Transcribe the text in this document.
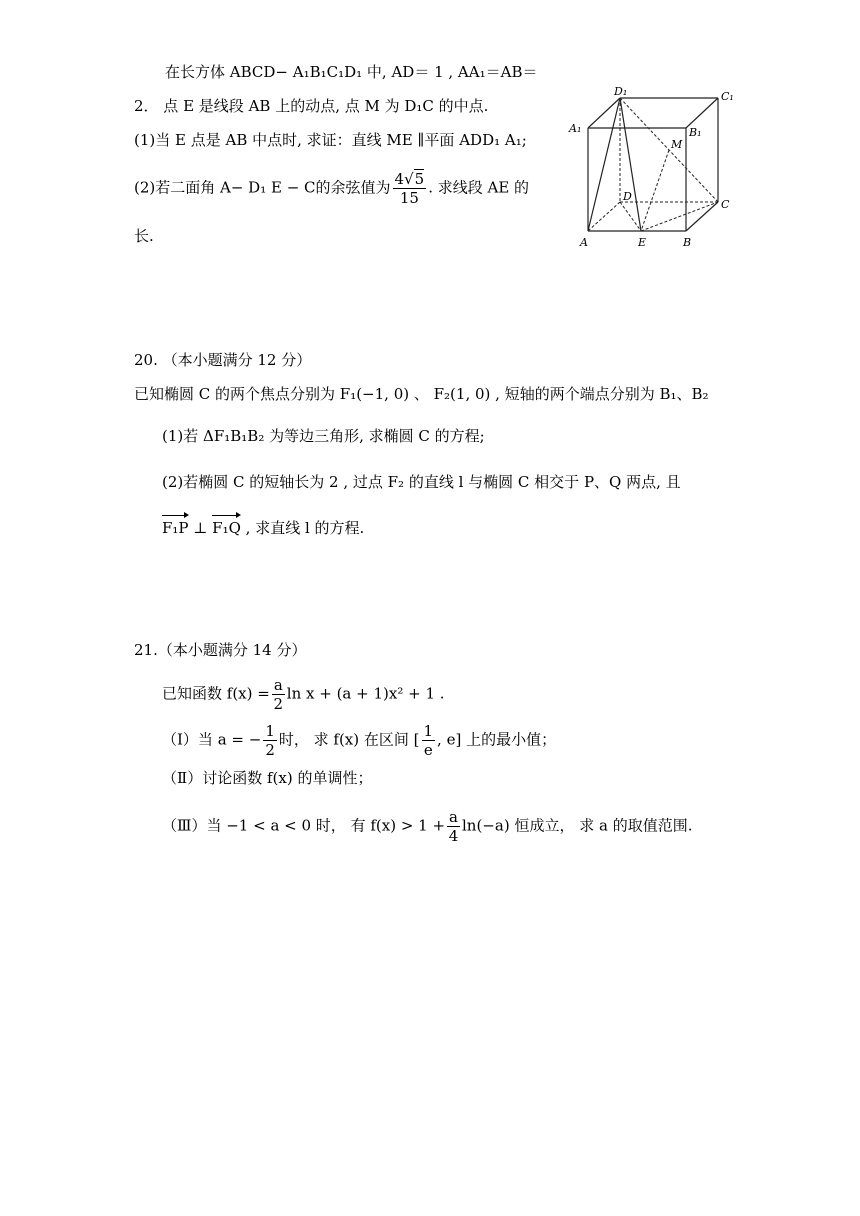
在长方体 ABCD− A₁B₁C₁D₁ 中, AD＝ 1 , AA₁＝AB＝
2． 点 E 是线段 AB 上的动点, 点 M 为 D₁C 的中点.
(1)当 E 点是 AB 中点时, 求证：直线 ME ∥平面 ADD₁ A₁;
(2)若二面角 A− D₁ E − C的余弦值为 $\frac{4√5}{15}$ . 求线段 AE 的
长.
D₁	C₁
A₁	B₁
M
D
C
A	E	B
20. （本小题满分 12 分）
已知椭圆 C 的两个焦点分别为 F₁(−1, 0) 、 F₂(1, 0) , 短轴的两个端点分别为 B₁、B₂
(1)若 ΔF₁B₁B₂ 为等边三角形, 求椭圆 C 的方程;
(2)若椭圆 C 的短轴长为 2 , 过点 F₂ 的直线 l 与椭圆 C 相交于 P、Q 两点, 且
F₁P ⊥ F₁Q , 求直线 l 的方程.
21.（本小题满分 14 分）
已知函数 $f(x) = \frac{a}{2}$ ln x + (a + 1)x² + 1 .
（Ⅰ）当 a = − $\frac{1}{2}$ 时， 求 f(x) 在区间 [ $\frac{1}{e}$ , e] 上的最小值；
（Ⅱ）讨论函数 f(x) 的单调性；
（Ⅲ）当 −1 < a < 0 时， 有 $f(x) > 1 + \frac{a}{4} \ln(-a)$ 恒成立， 求 a 的取值范围.
